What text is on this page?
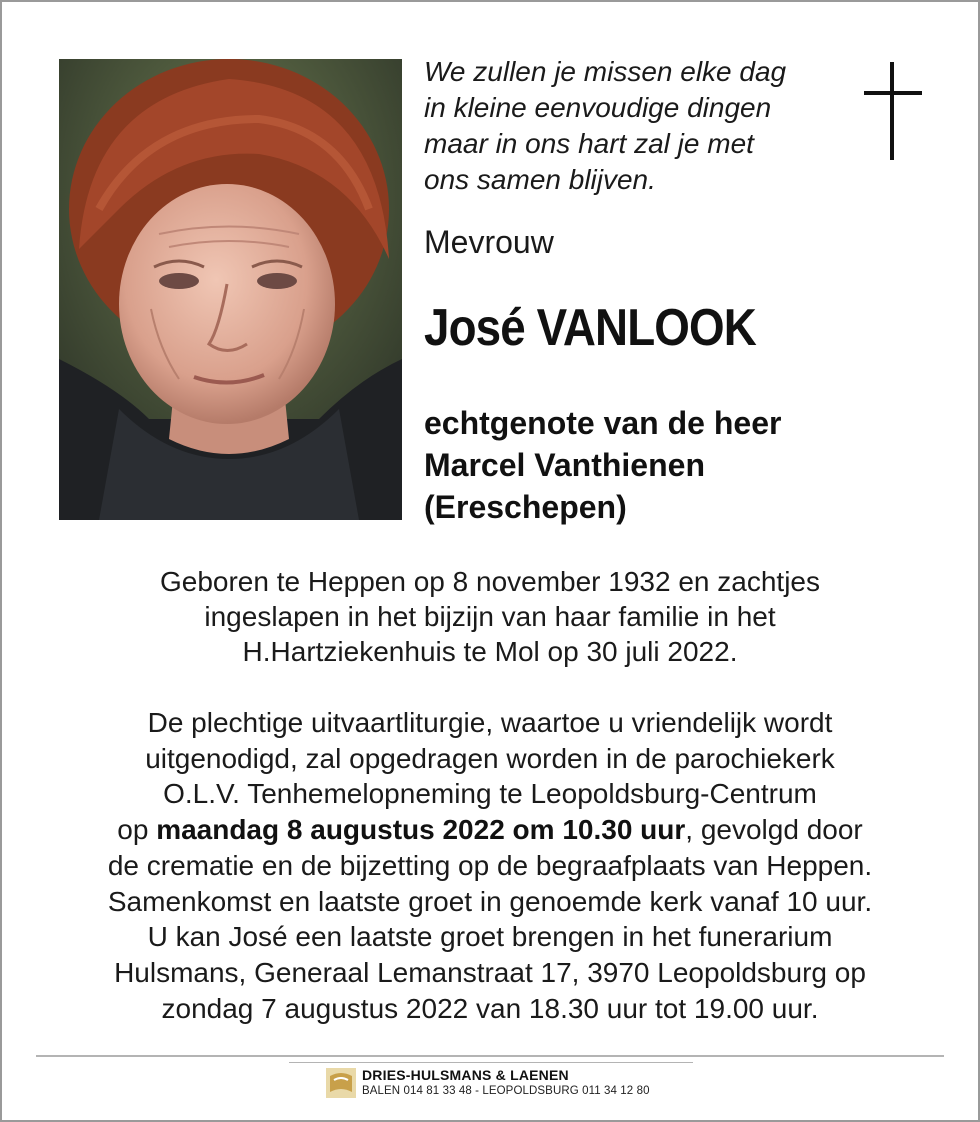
We zullen je missen elke dag
in kleine eenvoudige dingen
maar in ons hart zal je met
ons samen blijven.
Mevrouw
José VANLOOK
echtgenote van de heer
Marcel Vanthienen
(Ereschepen)
Geboren te Heppen op 8 november 1932 en zachtjes
ingeslapen in het bijzijn van haar familie in het
H.Hartziekenhuis te Mol op 30 juli 2022.
De plechtige uitvaartliturgie, waartoe u vriendelijk wordt
uitgenodigd, zal opgedragen worden in de parochiekerk
O.L.V. Tenhemelopneming te Leopoldsburg-Centrum
op maandag 8 augustus 2022 om 10.30 uur, gevolgd door
de crematie en de bijzetting op de begraafplaats van Heppen.
Samenkomst en laatste groet in genoemde kerk vanaf 10 uur.
U kan José een laatste groet brengen in het funerarium
Hulsmans, Generaal Lemanstraat 17, 3970 Leopoldsburg op
zondag 7 augustus 2022 van 18.30 uur tot 19.00 uur.
DRIES-HULSMANS & LAENEN
BALEN 014 81 33 48 - LEOPOLDSBURG 011 34 12 80
